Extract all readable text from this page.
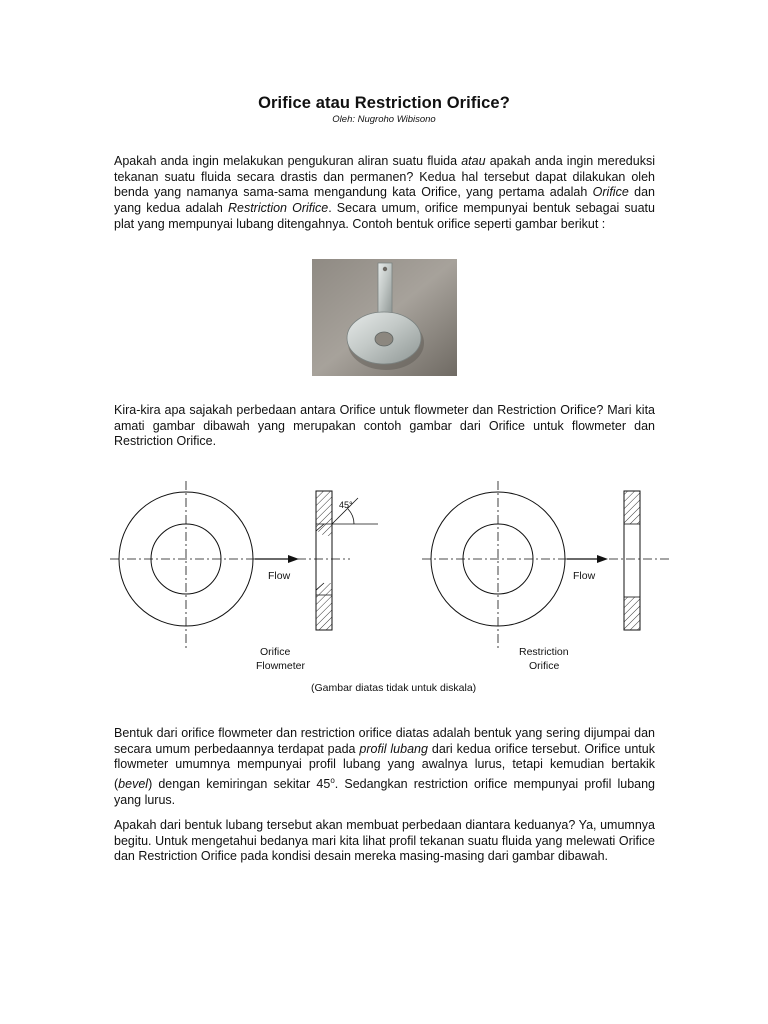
Orifice atau Restriction Orifice?
Oleh: Nugroho Wibisono

Apakah anda ingin melakukan pengukuran aliran suatu fluida atau apakah anda ingin mereduksi tekanan suatu fluida secara drastis dan permanen? Kedua hal tersebut dapat dilakukan oleh benda yang namanya sama-sama mengandung kata Orifice, yang pertama adalah Orifice dan yang kedua adalah Restriction Orifice. Secara umum, orifice mempunyai bentuk sebagai suatu plat yang mempunyai lubang ditengahnya. Contoh bentuk orifice seperti gambar berikut :

Kira-kira apa sajakah perbedaan antara Orifice untuk flowmeter dan Restriction Orifice? Mari kita amati gambar dibawah yang merupakan contoh gambar dari Orifice untuk flowmeter dan Restriction Orifice.

45°
Flow
Orifice
Flowmeter
Flow
Restriction
Orifice
(Gambar diatas tidak untuk diskala)

Bentuk dari orifice flowmeter dan restriction orifice diatas adalah bentuk yang sering dijumpai dan secara umum perbedaannya terdapat pada profil lubang dari kedua orifice tersebut. Orifice untuk flowmeter umumnya mempunyai profil lubang yang awalnya lurus, tetapi kemudian bertakik (bevel) dengan kemiringan sekitar 45$^o$. Sedangkan restriction orifice mempunyai profil lubang yang lurus.

Apakah dari bentuk lubang tersebut akan membuat perbedaan diantara keduanya? Ya, umumnya begitu. Untuk mengetahui bedanya mari kita lihat profil tekanan suatu fluida yang melewati Orifice dan Restriction Orifice pada kondisi desain mereka masing-masing dari gambar dibawah.
